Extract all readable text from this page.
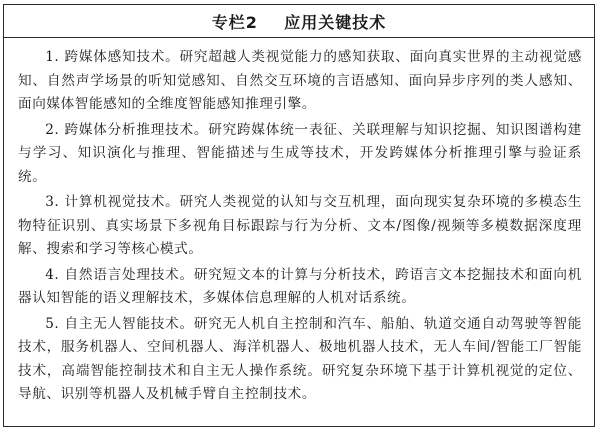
专栏2    应用关键技术

1. 跨媒体感知技术。研究超越人类视觉能力的感知获取、面向真实世界的主动视觉感知、自然声学场景的听知觉感知、自然交互环境的言语感知、面向异步序列的类人感知、面向媒体智能感知的全维度智能感知推理引擎。

2. 跨媒体分析推理技术。研究跨媒体统一表征、关联理解与知识挖掘、知识图谱构建与学习、知识演化与推理、智能描述与生成等技术，开发跨媒体分析推理引擎与验证系统。

3. 计算机视觉技术。研究人类视觉的认知与交互机理，面向现实复杂环境的多模态生物特征识别、真实场景下多视角目标跟踪与行为分析、文本/图像/视频等多模数据深度理解、搜索和学习等核心模式。

4. 自然语言处理技术。研究短文本的计算与分析技术，跨语言文本挖掘技术和面向机器认知智能的语义理解技术，多媒体信息理解的人机对话系统。

5. 自主无人智能技术。研究无人机自主控制和汽车、船舶、轨道交通自动驾驶等智能技术，服务机器人、空间机器人、海洋机器人、极地机器人技术，无人车间/智能工厂智能技术，高端智能控制技术和自主无人操作系统。研究复杂环境下基于计算机视觉的定位、导航、识别等机器人及机械手臂自主控制技术。
